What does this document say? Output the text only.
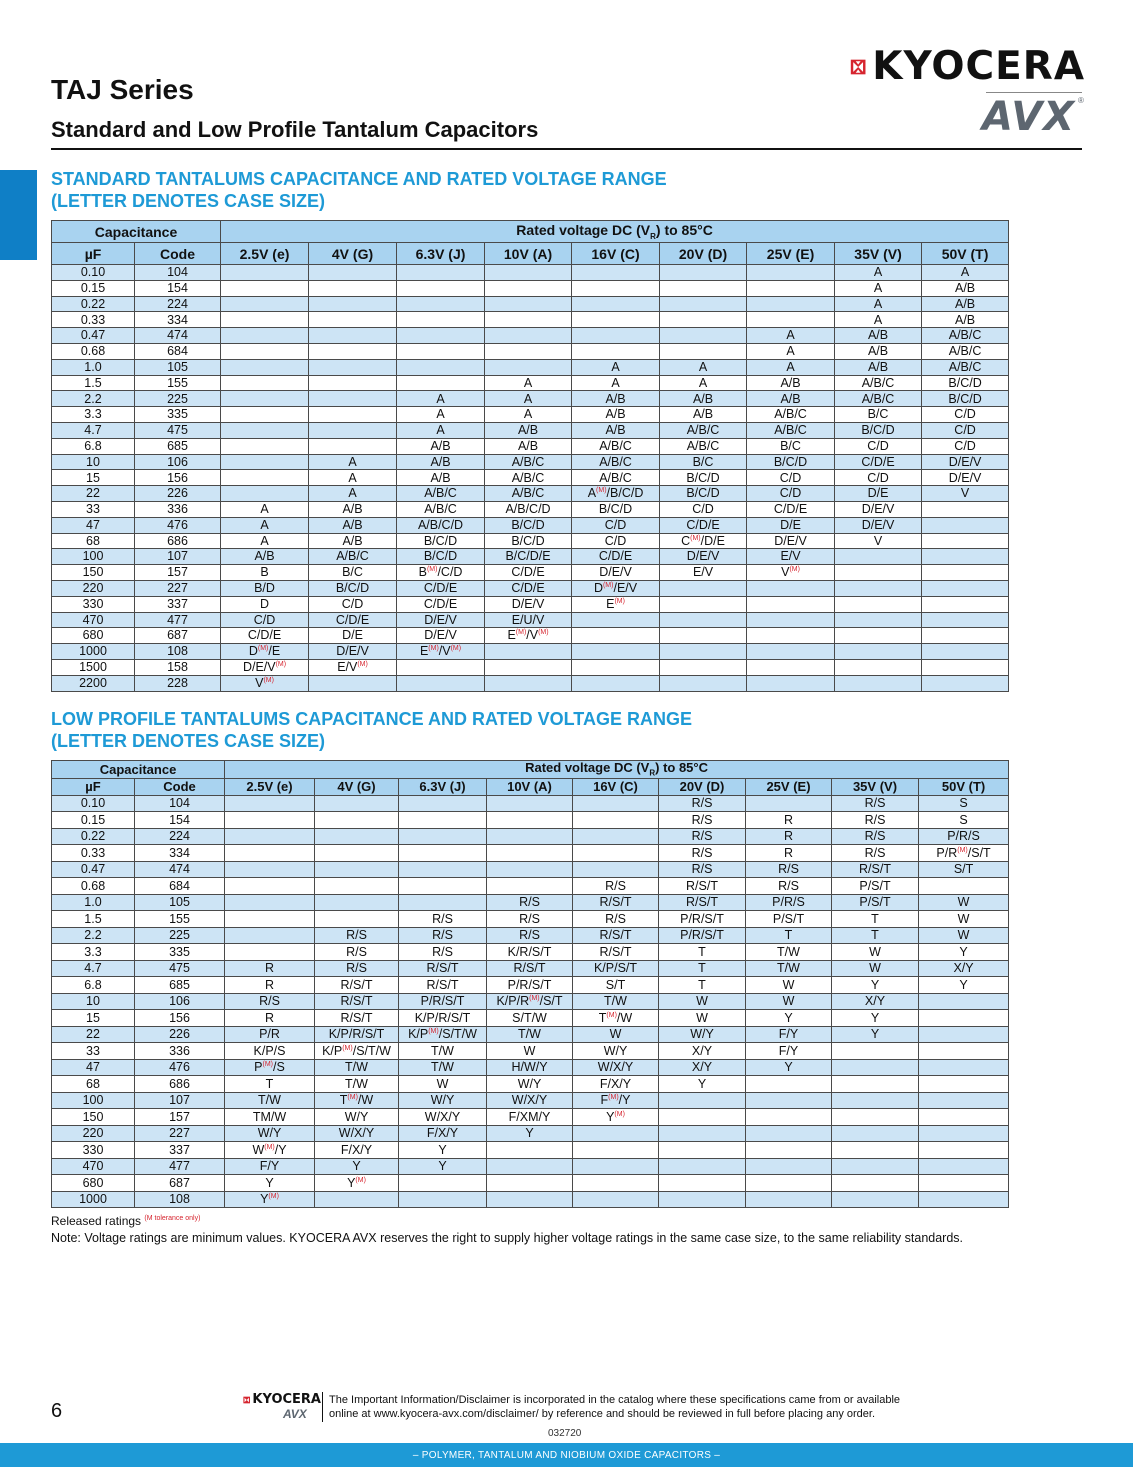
TAJ Series
Standard and Low Profile Tantalum Capacitors
KYOCERA
AVX ®
STANDARD TANTALUMS CAPACITANCE AND RATED VOLTAGE RANGE
(LETTER DENOTES CASE SIZE)
Capacitance		Rated voltage DC $(V_R)$ to 85°C								
µF	Code	2.5V (e)	4V (G)	6.3V (J)	10V (A)	16V (C)	20V (D)	25V (E)	35V (V)	50V (T)
0.10	104								A	A
0.15	154								A	A/B
0.22	224								A	A/B
0.33	334								A	A/B
0.47	474							A	A/B	A/B/C
0.68	684							A	A/B	A/B/C
1.0	105					A	A	A	A/B	A/B/C
1.5	155				A	A	A	A/B	A/B/C	B/C/D
2.2	225			A	A	A/B	A/B	A/B	A/B/C	B/C/D
3.3	335			A	A	A/B	A/B	A/B/C	B/C	C/D
4.7	475			A	A/B	A/B	A/B/C	A/B/C	B/C/D	C/D
6.8	685			A/B	A/B	A/B/C	A/B/C	B/C	C/D	C/D
10	106		A	A/B	A/B/C	A/B/C	B/C	B/C/D	C/D/E	D/E/V
15	156		A	A/B	A/B/C	A/B/C	B/C/D	C/D	C/D	D/E/V
22	226		A	A/B/C	A/B/C	$A^{(M)}/B/C/D$	B/C/D	C/D	D/E	V
33	336	A	A/B	A/B/C	A/B/C/D	B/C/D	C/D	C/D/E	D/E/V	
47	476	A	A/B	A/B/C/D	B/C/D	C/D	C/D/E	D/E	D/E/V	
68	686	A	A/B	B/C/D	B/C/D	C/D	$C^{(M)}/D/E$	D/E/V	V	
100	107	A/B	A/B/C	B/C/D	B/C/D/E	C/D/E	D/E/V	E/V		
150	157	B	B/C	$B^{(M)}/C/D$	C/D/E	D/E/V	E/V	$V^{(M)}$		
220	227	B/D	B/C/D	C/D/E	C/D/E	$D^{(M)}/E/V$				
330	337	D	C/D	C/D/E	D/E/V	$E^{(M)}$				
470	477	C/D	C/D/E	D/E/V	E/U/V					
680	687	C/D/E	D/E	D/E/V	$E^{(M)}/V^{(M)}$					
1000	108	$D^{(M)}/E$	D/E/V	$E^{(M)}/V^{(M)}$						
1500	158	$D/E/V^{(M)}$	$E/V^{(M)}$							
2200	228	$V^{(M)}$								
LOW PROFILE TANTALUMS CAPACITANCE AND RATED VOLTAGE RANGE
(LETTER DENOTES CASE SIZE)
Capacitance		Rated voltage DC $(V_R)$ to 85°C								
µF	Code	2.5V (e)	4V (G)	6.3V (J)	10V (A)	16V (C)	20V (D)	25V (E)	35V (V)	50V (T)
0.10	104						R/S		R/S	S
0.15	154						R/S	R	R/S	S
0.22	224						R/S	R	R/S	P/R/S
0.33	334						R/S	R	R/S	$P/R^{(M)}/S/T$
0.47	474						R/S	R/S	R/S/T	S/T
0.68	684					R/S	R/S/T	R/S	P/S/T	
1.0	105				R/S	R/S/T	R/S/T	P/R/S	P/S/T	W
1.5	155			R/S	R/S	R/S	P/R/S/T	P/S/T	T	W
2.2	225		R/S	R/S	R/S	R/S/T	P/R/S/T	T	T	W
3.3	335		R/S	R/S	K/R/S/T	R/S/T	T	T/W	W	Y
4.7	475	R	R/S	R/S/T	R/S/T	K/P/S/T	T	T/W	W	X/Y
6.8	685	R	R/S/T	R/S/T	P/R/S/T	S/T	T	W	Y	Y
10	106	R/S	R/S/T	P/R/S/T	$K/P/R^{(M)}/S/T$	T/W	W	W	X/Y	
15	156	R	R/S/T	K/P/R/S/T	S/T/W	$T^{(M)}/W$	W	Y	Y	
22	226	P/R	K/P/R/S/T	$K/P^{(M)}/S/T/W$	T/W	W	W/Y	F/Y	Y	
33	336	K/P/S	$K/P^{(M)}/S/T/W$	T/W	W	W/Y	X/Y	F/Y		
47	476	$P^{(M)}/S$	T/W	T/W	H/W/Y	W/X/Y	X/Y	Y		
68	686	T	T/W	W	W/Y	F/X/Y	Y			
100	107	T/W	$T^{(M)}/W$	W/Y	W/X/Y	$F^{(M)}/Y$				
150	157	TM/W	W/Y	W/X/Y	F/XM/Y	$Y^{(M)}$				
220	227	W/Y	W/X/Y	F/X/Y	Y					
330	337	$W^{(M)}/Y$	F/X/Y	Y						
470	477	F/Y	Y	Y						
680	687	Y	$Y^{(M)}$							
1000	108	$Y^{(M)}$								
Released ratings $^{(M tolerance only)}$
Note: Voltage ratings are minimum values. KYOCERA AVX reserves the right to supply higher voltage ratings in the same case size, to the same reliability standards.
6
KYOCERA
AVX
The Important Information/Disclaimer is incorporated in the catalog where these specifications came from or available
online at www.kyocera-avx.com/disclaimer/ by reference and should be reviewed in full before placing any order.
032720
– POLYMER, TANTALUM AND NIOBIUM OXIDE CAPACITORS –
